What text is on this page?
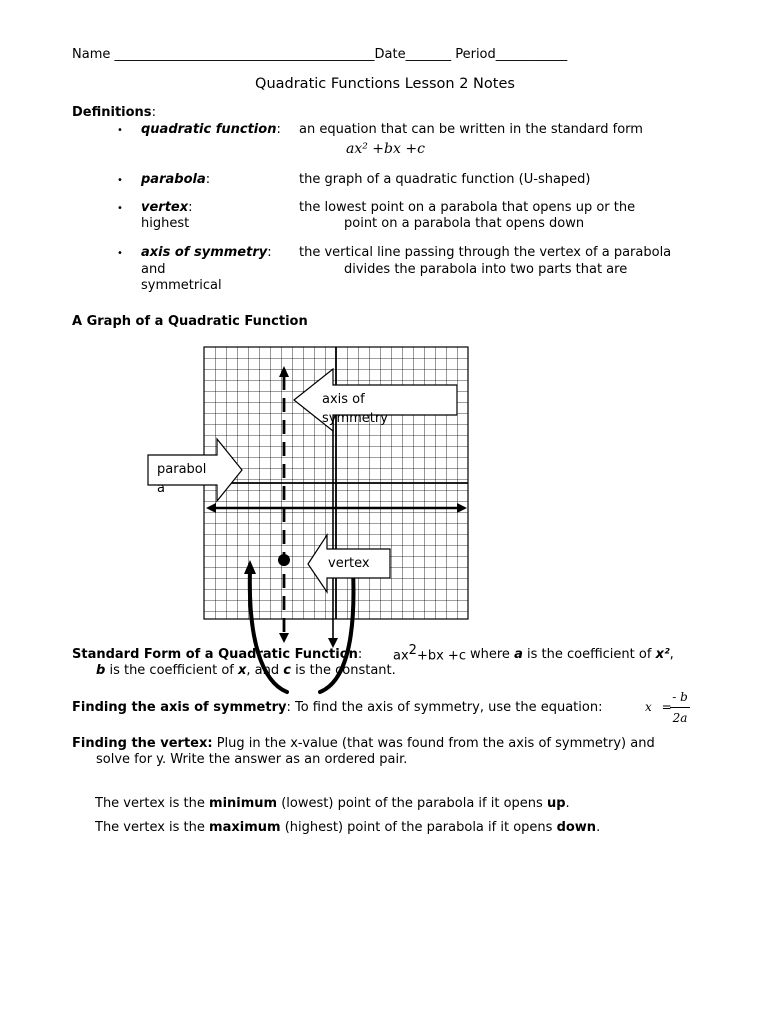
Name ________________________________________Date_______ Period___________
Quadratic Functions Lesson 2 Notes
Definitions:
• quadratic function: an equation that can be written in the standard form
ax² +bx +c
• parabola:	the graph of a quadratic function (U-shaped)
• vertex:	the lowest point on a parabola that opens up or the
highest	point on a parabola that opens down
• axis of symmetry: the vertical line passing through the vertex of a parabola
and	divides the parabola into two parts that are
symmetrical
A Graph of a Quadratic Function
axis of
symmetry
parabol
a
vertex
Standard Form of a Quadratic Function: $ax^2+bx +c$ where a is the coefficient of x²,
b is the coefficient of x, and c is the constant.
Finding the axis of symmetry: To find the axis of symmetry, use the equation:	x =
- b
2a
Finding the vertex: Plug in the x-value (that was found from the axis of symmetry) and
solve for y. Write the answer as an ordered pair.
The vertex is the minimum (lowest) point of the parabola if it opens up.
The vertex is the maximum (highest) point of the parabola if it opens down.
